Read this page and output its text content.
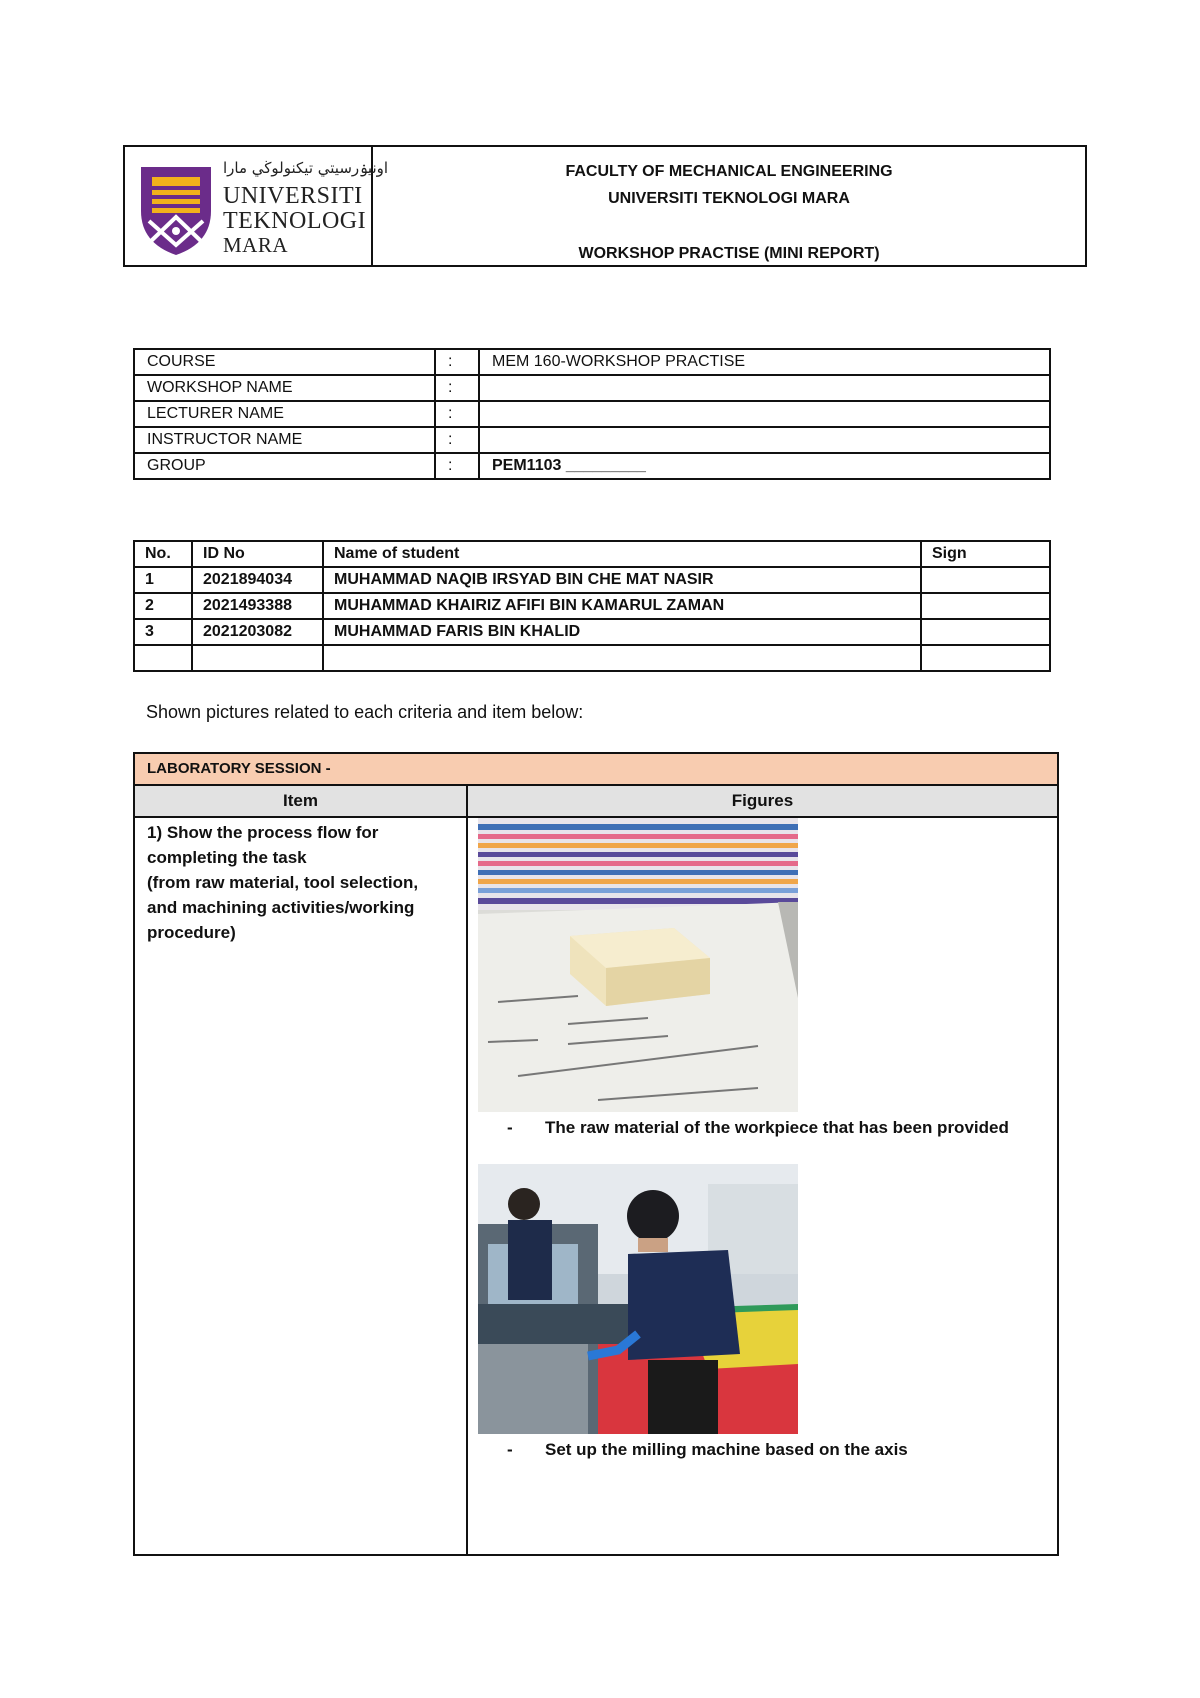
اونيۏرسيتي تيكنولوڬي مارا
UNIVERSITI
TEKNOLOGI
MARA
FACULTY OF MECHANICAL ENGINEERING
UNIVERSITI TEKNOLOGI MARA
WORKSHOP PRACTISE (MINI REPORT)
COURSE	:	MEM 160-WORKSHOP PRACTISE
WORKSHOP NAME	:	
LECTURER NAME	:	
INSTRUCTOR NAME	:	
GROUP	:	PEM1103 _________
No.	ID No	Name of student	Sign
1	2021894034	MUHAMMAD NAQIB IRSYAD BIN CHE MAT NASIR	
2	2021493388	MUHAMMAD KHAIRIZ AFIFI BIN KAMARUL ZAMAN	
3	2021203082	MUHAMMAD FARIS BIN KHALID	

Shown pictures related to each criteria and item below:
LABORATORY SESSION -
Item	Figures
1) Show the process flow for
completing the task
(from raw material, tool selection,
and machining activities/working
procedure)
- The raw material of the workpiece that has been provided
- Set up the milling machine based on the axis
